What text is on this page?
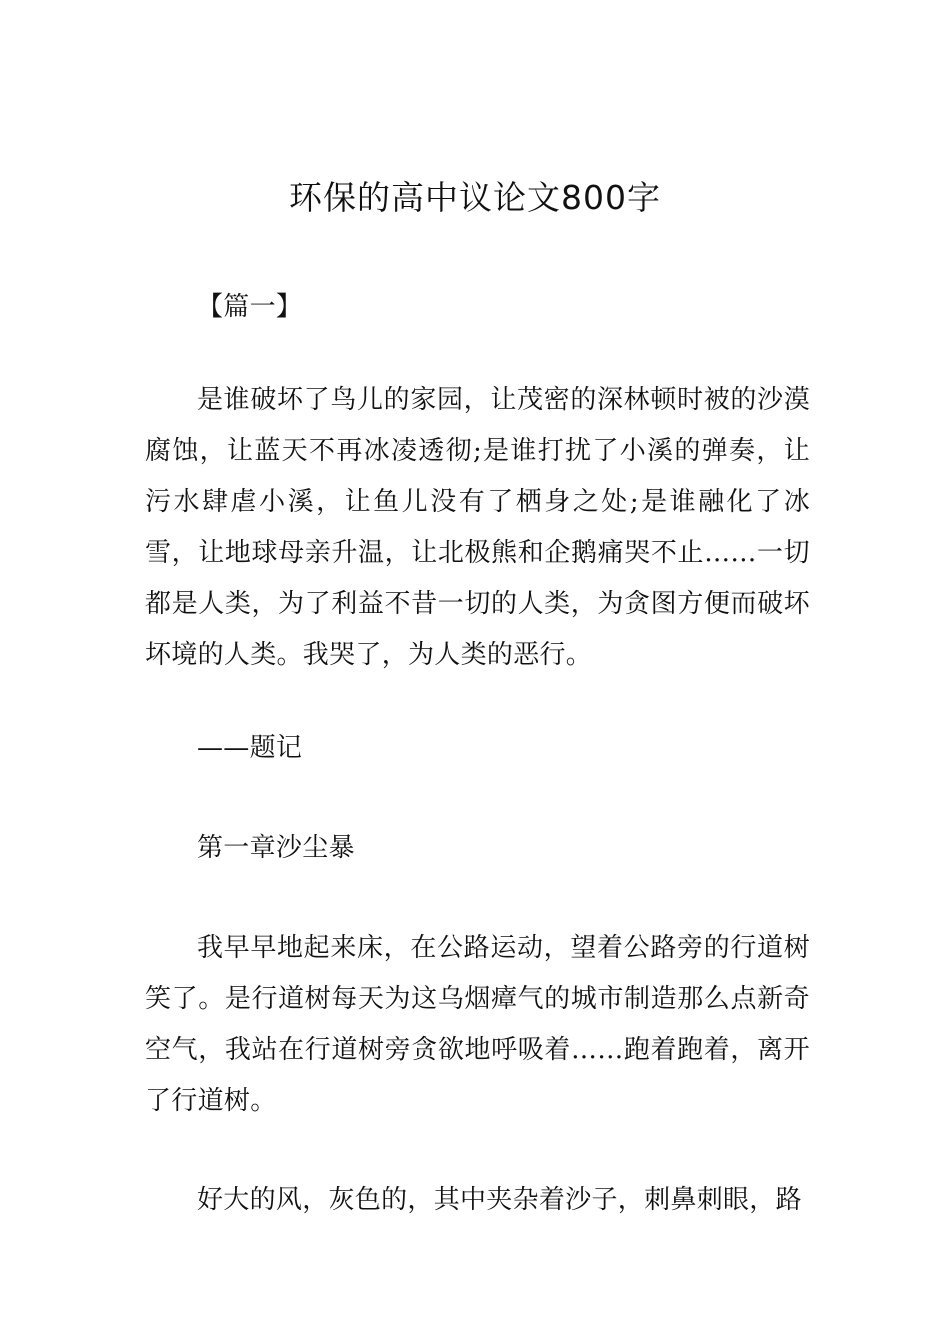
环保的高中议论文800字

【篇一】

是谁破坏了鸟儿的家园，让茂密的深林顿时被的沙漠腐蚀，让蓝天不再冰凌透彻;是谁打扰了小溪的弹奏，让污水肆虐小溪，让鱼儿没有了栖身之处;是谁融化了冰雪，让地球母亲升温，让北极熊和企鹅痛哭不止……一切都是人类，为了利益不昔一切的人类，为贪图方便而破坏坏境的人类。我哭了，为人类的恶行。

——题记

第一章沙尘暴

我早早地起来床，在公路运动，望着公路旁的行道树笑了。是行道树每天为这乌烟瘴气的城市制造那么点新奇空气，我站在行道树旁贪欲地呼吸着……跑着跑着，离开了行道树。

好大的风，灰色的，其中夹杂着沙子，刺鼻刺眼，路
